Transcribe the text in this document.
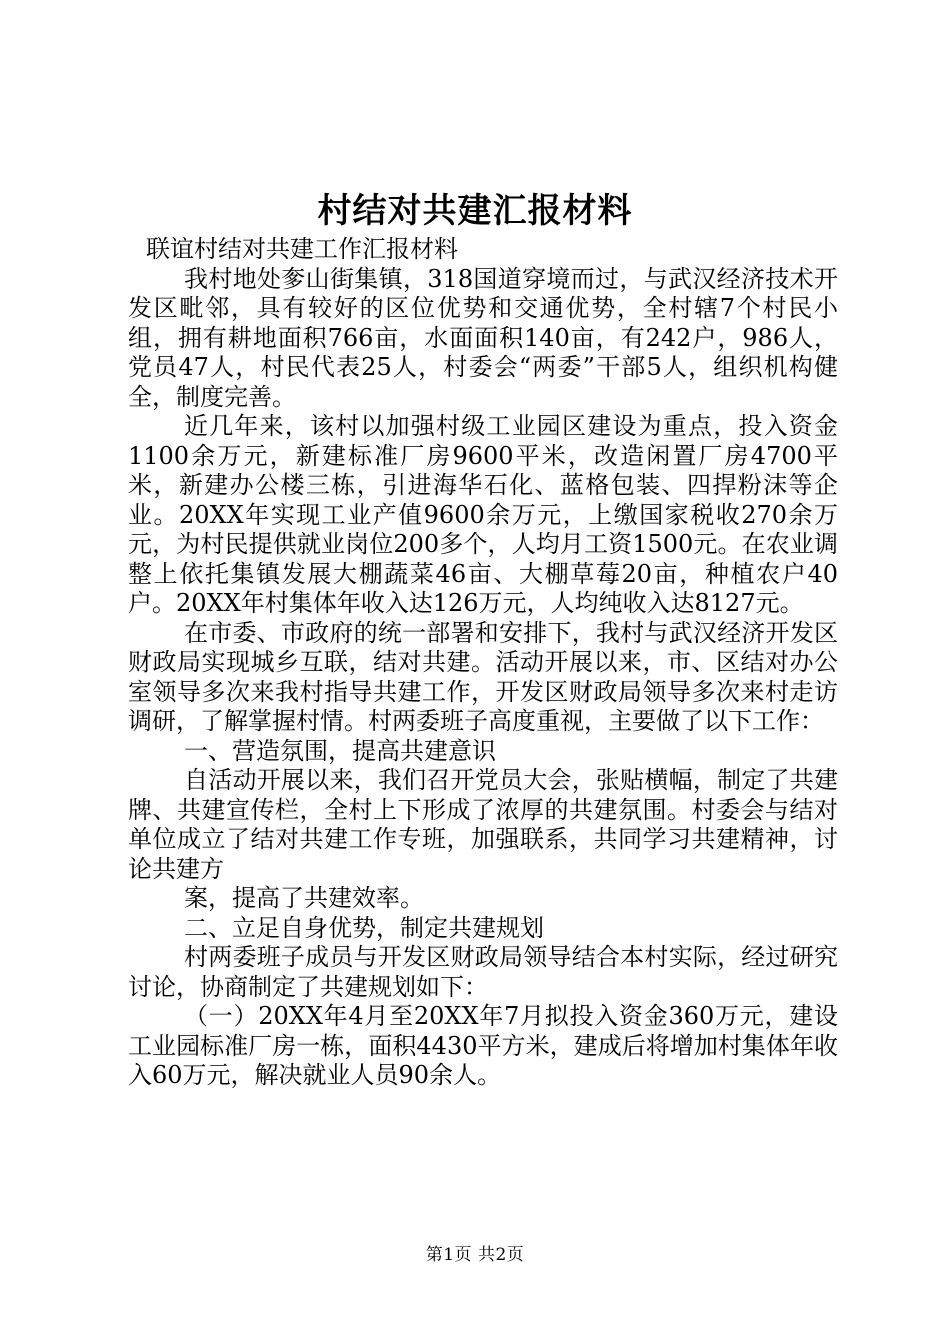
村结对共建汇报材料

联谊村结对共建工作汇报材料

我村地处奓山街集镇，318国道穿境而过，与武汉经济技术开发区毗邻，具有较好的区位优势和交通优势，全村辖7个村民小组，拥有耕地面积766亩，水面面积140亩，有242户，986人，党员47人，村民代表25人，村委会“两委”干部5人，组织机构健全，制度完善。

近几年来，该村以加强村级工业园区建设为重点，投入资金1100余万元，新建标准厂房9600平米，改造闲置厂房4700平米，新建办公楼三栋，引进海华石化、蓝格包装、四捍粉沫等企业。20XX年实现工业产值9600余万元，上缴国家税收270余万元，为村民提供就业岗位200多个，人均月工资1500元。在农业调整上依托集镇发展大棚蔬菜46亩、大棚草莓20亩，种植农户40户。20XX年村集体年收入达126万元，人均纯收入达8127元。

在市委、市政府的统一部署和安排下，我村与武汉经济开发区财政局实现城乡互联，结对共建。活动开展以来，市、区结对办公室领导多次来我村指导共建工作，开发区财政局领导多次来村走访调研，了解掌握村情。村两委班子高度重视，主要做了以下工作：

一、营造氛围，提高共建意识

自活动开展以来，我们召开党员大会，张贴横幅，制定了共建牌、共建宣传栏，全村上下形成了浓厚的共建氛围。村委会与结对单位成立了结对共建工作专班，加强联系，共同学习共建精神，讨论共建方

案，提高了共建效率。

二、立足自身优势，制定共建规划

村两委班子成员与开发区财政局领导结合本村实际，经过研究讨论，协商制定了共建规划如下：

（一）20XX年4月至20XX年7月拟投入资金360万元，建设工业园标准厂房一栋，面积4430平方米，建成后将增加村集体年收入60万元，解决就业人员90余人。

第1页 共2页
